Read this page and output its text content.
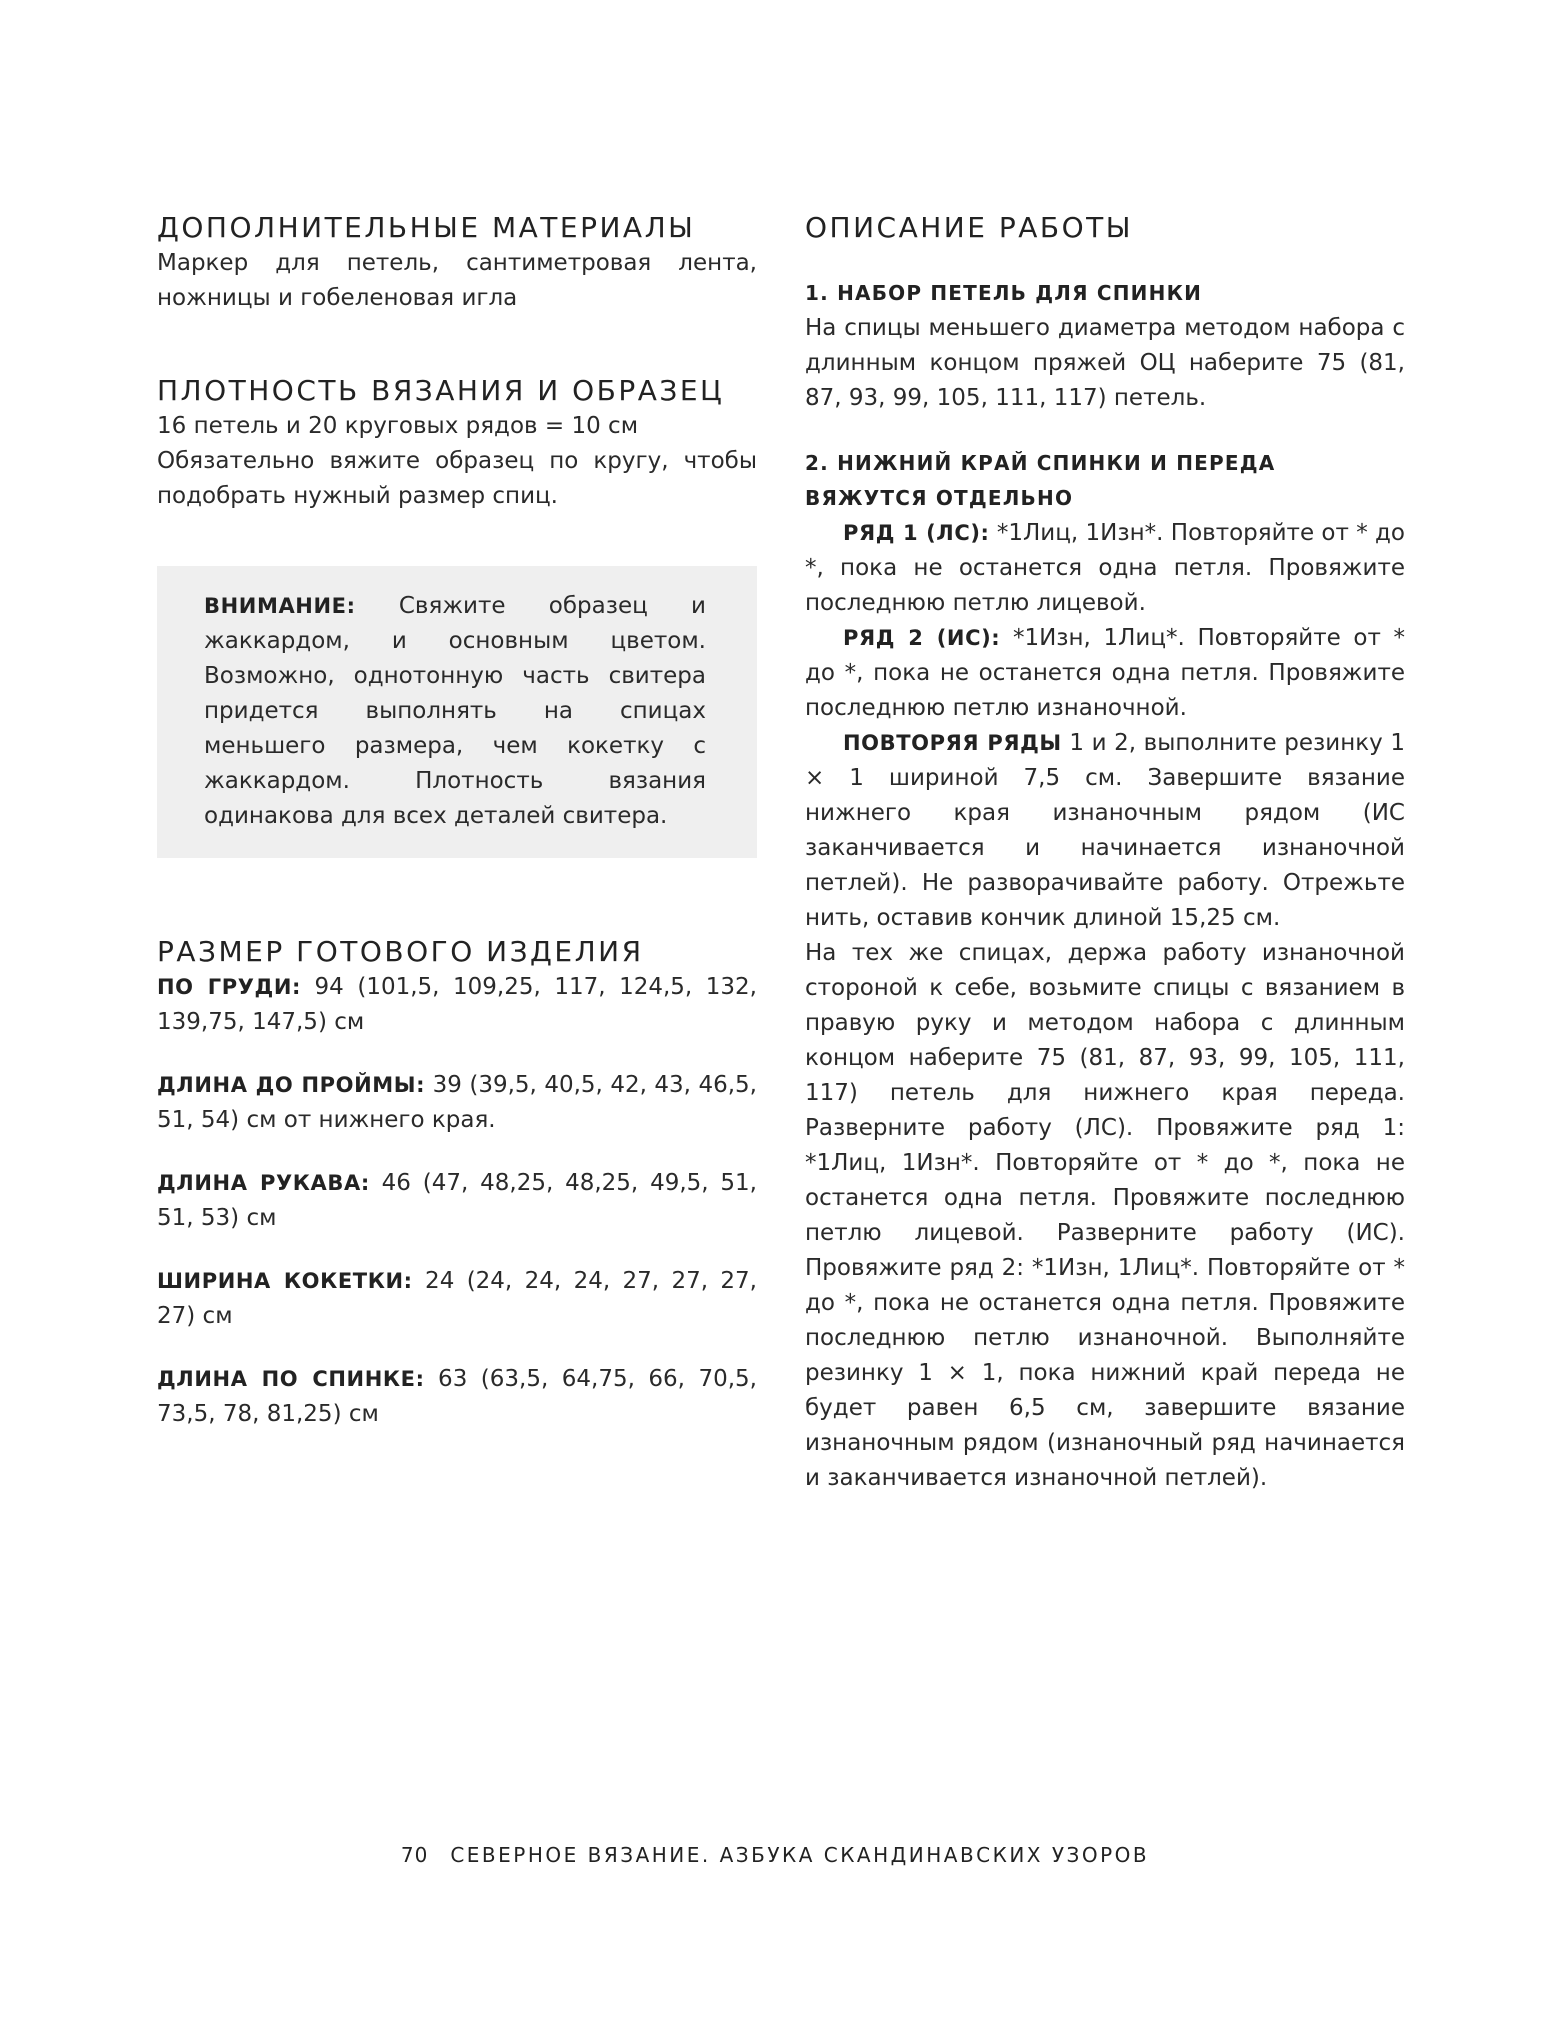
ДОПОЛНИТЕЛЬНЫЕ МАТЕРИАЛЫ

Маркер для петель, сантиметровая лента, ножницы и гобеленовая игла

ПЛОТНОСТЬ ВЯЗАНИЯ И ОБРАЗЕЦ

16 петель и 20 круговых рядов = 10 см

Обязательно вяжите образец по кругу, чтобы подобрать нужный размер спиц.

ВНИМАНИЕ: Свяжите образец и жаккардом, и основным цветом. Возможно, однотонную часть свитера придется выполнять на спицах меньшего размера, чем кокетку с жаккардом. Плотность вязания одинакова для всех деталей свитера.

РАЗМЕР ГОТОВОГО ИЗДЕЛИЯ

ПО ГРУДИ: 94 (101,5, 109,25, 117, 124,5, 132, 139,75, 147,5) см

ДЛИНА ДО ПРОЙМЫ: 39 (39,5, 40,5, 42, 43, 46,5, 51, 54) см от нижнего края.

ДЛИНА РУКАВА: 46 (47, 48,25, 48,25, 49,5, 51, 51, 53) см

ШИРИНА КОКЕТКИ: 24 (24, 24, 24, 27, 27, 27, 27) см

ДЛИНА ПО СПИНКЕ: 63 (63,5, 64,75, 66, 70,5, 73,5, 78, 81,25) см

ОПИСАНИЕ РАБОТЫ

1. НАБОР ПЕТЕЛЬ ДЛЯ СПИНКИ

На спицы меньшего диаметра методом набора с длинным концом пряжей ОЦ наберите 75 (81, 87, 93, 99, 105, 111, 117) петель.

2. НИЖНИЙ КРАЙ СПИНКИ И ПЕРЕДА ВЯЖУТСЯ ОТДЕЛЬНО

РЯД 1 (ЛС): *1Лиц, 1Изн*. Повторяйте от * до *, пока не останется одна петля. Провяжите последнюю петлю лицевой.

РЯД 2 (ИС): *1Изн, 1Лиц*. Повторяйте от * до *, пока не останется одна петля. Провяжите последнюю петлю изнаночной.

ПОВТОРЯЯ РЯДЫ 1 и 2, выполните резинку 1 × 1 шириной 7,5 см. Завершите вязание нижнего края изнаночным рядом (ИС заканчивается и начинается изнаночной петлей). Не разворачивайте работу. Отрежьте нить, оставив кончик длиной 15,25 см.

На тех же спицах, держа работу изнаночной стороной к себе, возьмите спицы с вязанием в правую руку и методом набора с длинным концом наберите 75 (81, 87, 93, 99, 105, 111, 117) петель для нижнего края переда. Разверните работу (ЛС). Провяжите ряд 1: *1Лиц, 1Изн*. Повторяйте от * до *, пока не останется одна петля. Провяжите последнюю петлю лицевой. Разверните работу (ИС). Провяжите ряд 2: *1Изн, 1Лиц*. Повторяйте от * до *, пока не останется одна петля. Провяжите последнюю петлю изнаночной. Выполняйте резинку 1 × 1, пока нижний край переда не будет равен 6,5 см, завершите вязание изнаночным рядом (изнаночный ряд начинается и заканчивается изнаночной петлей).

70 СЕВЕРНОЕ ВЯЗАНИЕ. АЗБУКА СКАНДИНАВСКИХ УЗОРОВ
